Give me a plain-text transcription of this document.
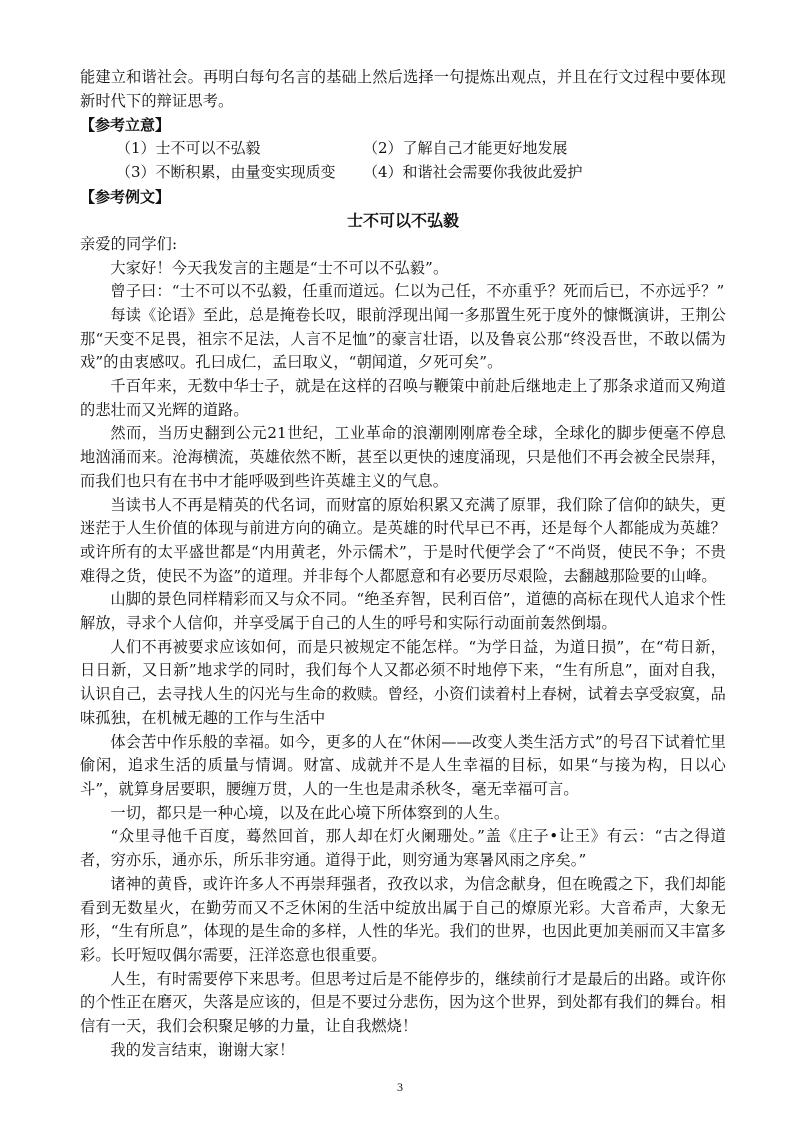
能建立和谐社会。再明白每句名言的基础上然后选择一句提炼出观点，并且在行文过程中要体现新时代下的辩证思考。

【参考立意】

（1）士不可以不弘毅	（2）了解自己才能更好地发展
（3）不断积累，由量变实现质变	（4）和谐社会需要你我彼此爱护

【参考例文】

士不可以不弘毅

亲爱的同学们:

大家好！今天我发言的主题是“士不可以不弘毅”。

曾子曰：“士不可以不弘毅，任重而道远。仁以为己任，不亦重乎？死而后已，不亦远乎？”

每读《论语》至此，总是掩卷长叹，眼前浮现出闻一多那置生死于度外的慷慨演讲，王荆公那“天变不足畏，祖宗不足法，人言不足恤”的豪言壮语，以及鲁哀公那“终没吾世，不敢以儒为戏”的由衷感叹。孔曰成仁，孟曰取义，“朝闻道，夕死可矣”。

千百年来，无数中华士子，就是在这样的召唤与鞭策中前赴后继地走上了那条求道而又殉道的悲壮而又光辉的道路。

然而，当历史翻到公元21世纪，工业革命的浪潮刚刚席卷全球，全球化的脚步便毫不停息地汹涌而来。沧海横流，英雄依然不断，甚至以更快的速度涌现，只是他们不再会被全民崇拜，而我们也只有在书中才能呼吸到些许英雄主义的气息。

当读书人不再是精英的代名词，而财富的原始积累又充满了原罪，我们除了信仰的缺失，更迷茫于人生价值的体现与前进方向的确立。是英雄的时代早已不再，还是每个人都能成为英雄？或许所有的太平盛世都是“内用黄老，外示儒术”，于是时代便学会了“不尚贤，使民不争；不贵难得之货，使民不为盗”的道理。并非每个人都愿意和有必要历尽艰险，去翻越那险要的山峰。

山脚的景色同样精彩而又与众不同。“绝圣弃智，民利百倍”，道德的高标在现代人追求个性解放，寻求个人信仰，并享受属于自己的人生的呼号和实际行动面前轰然倒塌。

人们不再被要求应该如何，而是只被规定不能怎样。“为学日益，为道日损”，在“苟日新，日日新，又日新”地求学的同时，我们每个人又都必须不时地停下来，“生有所息”，面对自我，认识自己，去寻找人生的闪光与生命的救赎。曾经，小资们读着村上春树，试着去享受寂寞，品味孤独，在机械无趣的工作与生活中

体会苦中作乐般的幸福。如今，更多的人在“休闲——改变人类生活方式”的号召下试着忙里偷闲，追求生活的质量与情调。财富、成就并不是人生幸福的目标，如果“与接为构，日以心斗”，就算身居要职，腰缠万贯，人的一生也是肃杀秋冬，毫无幸福可言。

一切，都只是一种心境，以及在此心境下所体察到的人生。

“众里寻他千百度，蓦然回首，那人却在灯火阑珊处。”盖《庄子•让王》有云：“古之得道者，穷亦乐，通亦乐，所乐非穷通。道得于此，则穷通为寒暑风雨之序矣。”

诸神的黄昏，或许许多人不再崇拜强者，孜孜以求，为信念献身，但在晚霞之下，我们却能看到无数星火，在勤劳而又不乏休闲的生活中绽放出属于自己的燎原光彩。大音希声，大象无形，“生有所息”，体现的是生命的多样，人性的华光。我们的世界，也因此更加美丽而又丰富多彩。长吁短叹偶尔需要，汪洋恣意也很重要。

人生，有时需要停下来思考。但思考过后是不能停步的，继续前行才是最后的出路。或许你的个性正在磨灭，失落是应该的，但是不要过分悲伤，因为这个世界，到处都有我们的舞台。相信有一天，我们会积聚足够的力量，让自我燃烧！

我的发言结束，谢谢大家！

3
